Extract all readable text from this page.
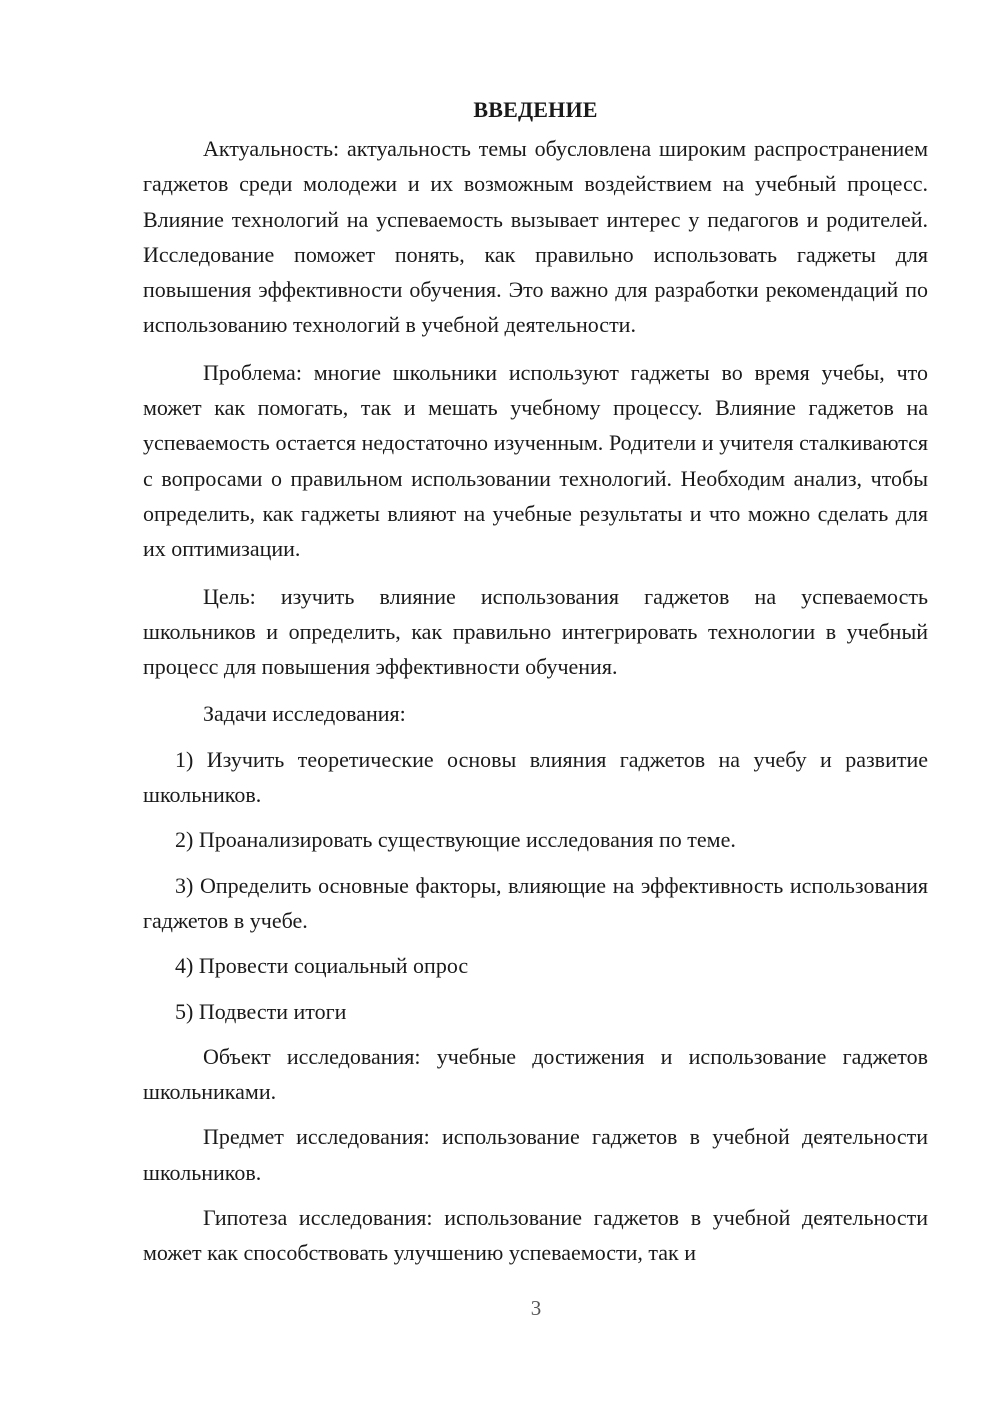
ВВЕДЕНИЕ

Актуальность: актуальность темы обусловлена широким распространением гаджетов среди молодежи и их возможным воздействием на учебный процесс. Влияние технологий на успеваемость вызывает интерес у педагогов и родителей. Исследование поможет понять, как правильно использовать гаджеты для повышения эффективности обучения. Это важно для разработки рекомендаций по использованию технологий в учебной деятельности.

Проблема: многие школьники используют гаджеты во время учебы, что может как помогать, так и мешать учебному процессу. Влияние гаджетов на успеваемость остается недостаточно изученным. Родители и учителя сталкиваются с вопросами о правильном использовании технологий. Необходим анализ, чтобы определить, как гаджеты влияют на учебные результаты и что можно сделать для их оптимизации.

Цель: изучить влияние использования гаджетов на успеваемость школьников и определить, как правильно интегрировать технологии в учебный процесс для повышения эффективности обучения.

Задачи исследования:

1) Изучить теоретические основы влияния гаджетов на учебу и развитие школьников.

2) Проанализировать существующие исследования по теме.

3) Определить основные факторы, влияющие на эффективность использования гаджетов в учебе.

4) Провести социальный опрос

5) Подвести итоги

Объект исследования: учебные достижения и использование гаджетов школьниками.

Предмет исследования: использование гаджетов в учебной деятельности школьников.

Гипотеза исследования: использование гаджетов в учебной деятельности может как способствовать улучшению успеваемости, так и

3
